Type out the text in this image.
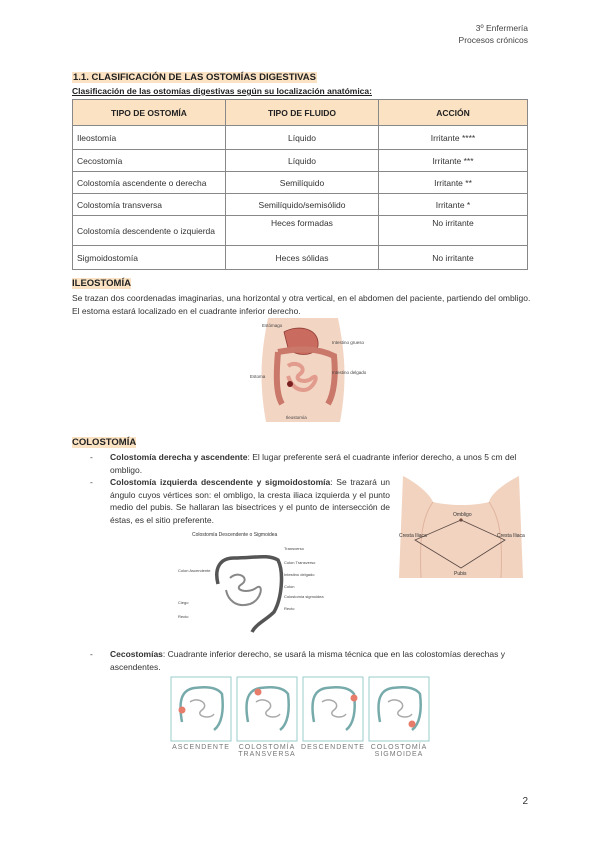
3º Enfermería
Procesos crónicos
1.1. CLASIFICACIÓN DE LAS OSTOMÍAS DIGESTIVAS
Clasificación de las ostomías digestivas según su localización anatómica:
TIPO DE OSTOMÍA	TIPO DE FLUIDO	ACCIÓN
Ileostomía	Líquido	Irritante ****
Cecostomía	Líquido	Irritante ***
Colostomía ascendente o derecha	Semilíquido	Irritante **
Colostomía transversa	Semilíquido/semisólido	Irritante *
Colostomía descendente o izquierda	Heces formadas	No irritante
Sigmoidostomía	Heces sólidas	No irritante
ILEOSTOMÍA
Se trazan dos coordenadas imaginarias, una horizontal y otra vertical, en el abdomen del paciente, partiendo del ombligo. El estoma estará localizado en el cuadrante inferior derecho.
Estómago
Intestino grueso
Estoma
Intestino delgado
Ileostomía
COLOSTOMÍA
- Colostomía derecha y ascendente: El lugar preferente será el cuadrante inferior derecho, a unos 5 cm del ombligo.
- Colostomía izquierda descendente y sigmoidostomía: Se trazará un ángulo cuyos vértices son: el ombligo, la cresta iliaca izquierda y el punto medio del pubis. Se hallaran las bisectrices y el punto de intersección de éstas, es el sitio preferente.	Ombligo
Cresta Iliaca	Cresta Iliaca
Pubis
Colostomía Descendente o Sigmoidea
Colon Ascendente
Ciego
Recto
Transverso
Colon Transverso
Intestino delgado
Colon
Colostomía sigmoidea
Recto
- Cecostomías: Cuadrante inferior derecho, se usará la misma técnica que en las colostomías derechas y ascendentes.
ASCENDENTE	COLOSTOMÍA TRANSVERSA
DESCENDENTE COLOSTOMÍA SIGMOIDEA
2
